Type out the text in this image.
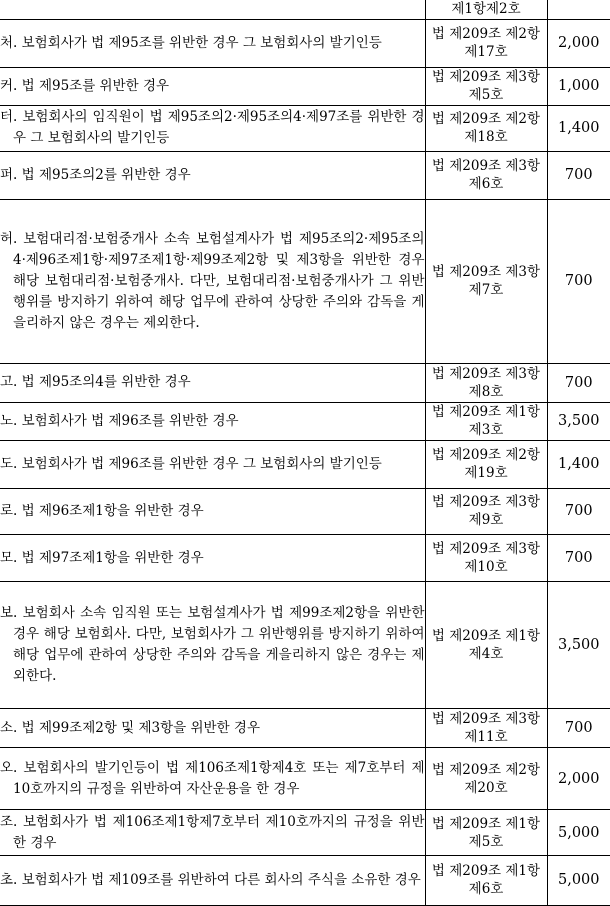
	제1항제2호	

처. 보험회사가 법 제95조를 위반한 경우 그 보험회사의 발기인등	법 제209조 제2항제17호	2,000

커. 법 제95조를 위반한 경우	법 제209조 제3항제5호	1,000

터. 보험회사의 임직원이 법 제95조의2·제95조의4·제97조를 위반한 경우 그 보험회사의 발기인등	법 제209조 제2항제18호	1,400

퍼. 법 제95조의2를 위반한 경우	법 제209조 제3항제6호	700

허. 보험대리점·보험중개사 소속 보험설계사가 법 제95조의2·제95조의4·제96조제1항·제97조제1항·제99조제2항 및 제3항을 위반한 경우 해당 보험대리점·보험중개사. 다만, 보험대리점·보험중개사가 그 위반행위를 방지하기 위하여 해당 업무에 관하여 상당한 주의와 감독을 게을리하지 않은 경우는 제외한다.	법 제209조 제3항제7호	700

고. 법 제95조의4를 위반한 경우	법 제209조 제3항제8호	700

노. 보험회사가 법 제96조를 위반한 경우	법 제209조 제1항제3호	3,500

도. 보험회사가 법 제96조를 위반한 경우 그 보험회사의 발기인등	법 제209조 제2항제19호	1,400

로. 법 제96조제1항을 위반한 경우	법 제209조 제3항제9호	700

모. 법 제97조제1항을 위반한 경우	법 제209조 제3항제10호	700

보. 보험회사 소속 임직원 또는 보험설계사가 법 제99조제2항을 위반한 경우 해당 보험회사. 다만, 보험회사가 그 위반행위를 방지하기 위하여 해당 업무에 관하여 상당한 주의와 감독을 게을리하지 않은 경우는 제외한다.	법 제209조 제1항제4호	3,500

소. 법 제99조제2항 및 제3항을 위반한 경우	법 제209조 제3항제11호	700

오. 보험회사의 발기인등이 법 제106조제1항제4호 또는 제7호부터 제10호까지의 규정을 위반하여 자산운용을 한 경우	법 제209조 제2항제20호	2,000

조. 보험회사가 법 제106조제1항제7호부터 제10호까지의 규정을 위반한 경우	법 제209조 제1항제5호	5,000

초. 보험회사가 법 제109조를 위반하여 다른 회사의 주식을 소유한 경우	법 제209조 제1항제6호	5,000
